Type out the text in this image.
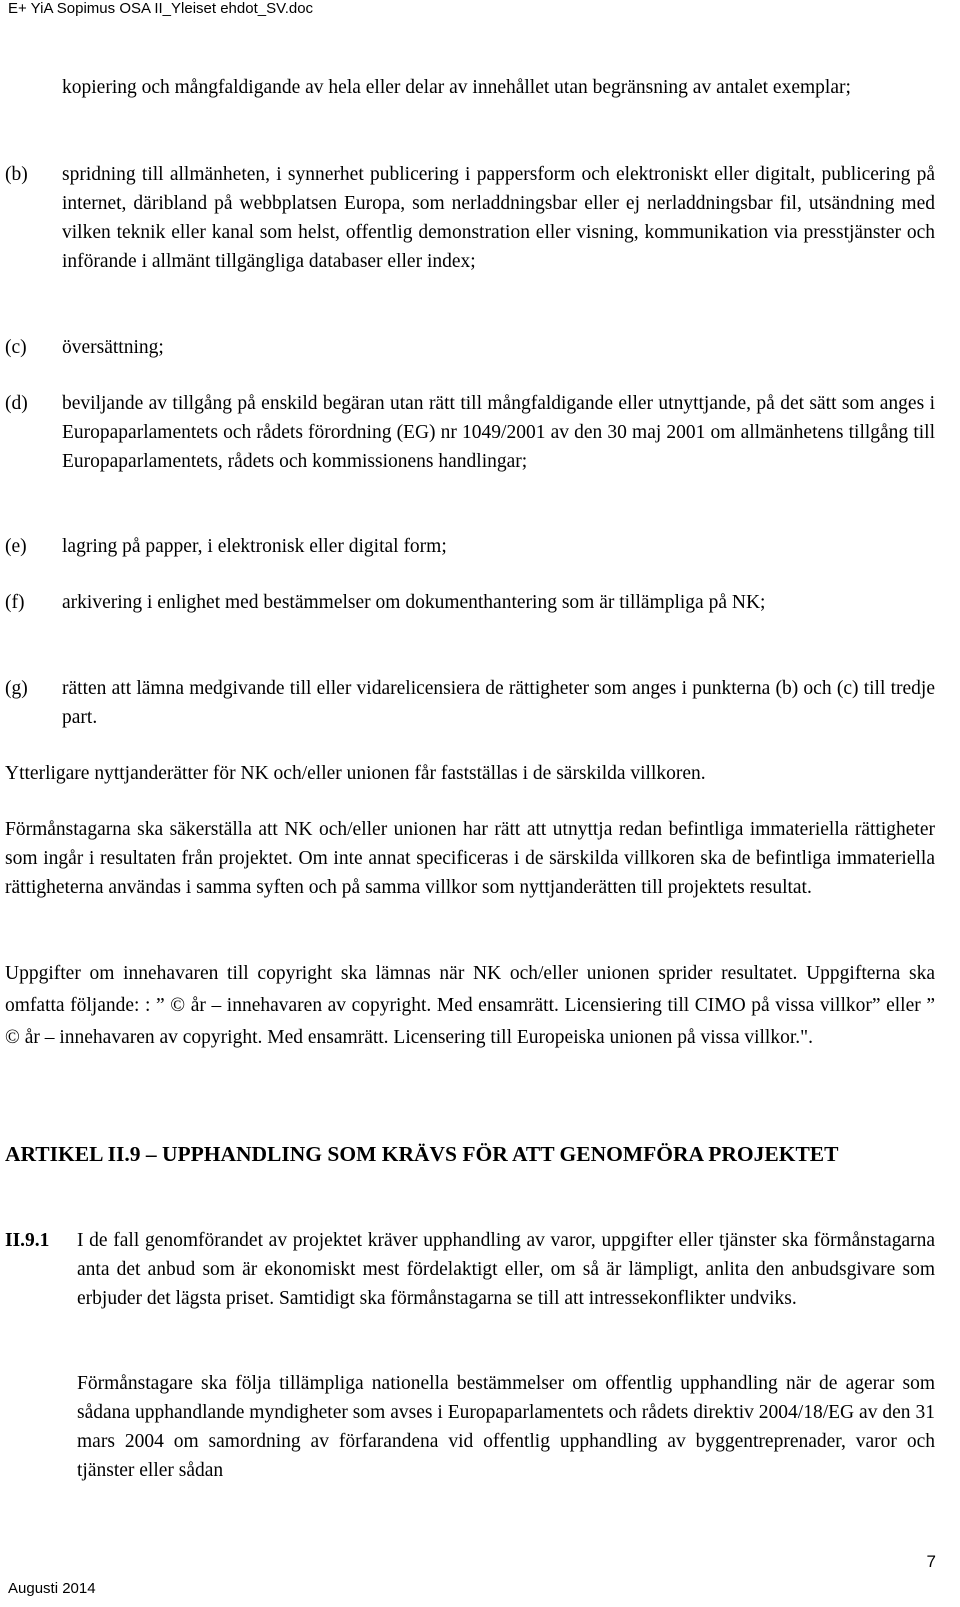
E+ YiA Sopimus OSA II_Yleiset ehdot_SV.doc
kopiering och mångfaldigande av hela eller delar av innehållet utan begränsning av antalet exemplar;
(b) spridning till allmänheten, i synnerhet publicering i pappersform och elektroniskt eller digitalt, publicering på internet, däribland på webbplatsen Europa, som nerladdningsbar eller ej nerladdningsbar fil, utsändning med vilken teknik eller kanal som helst, offentlig demonstration eller visning, kommunikation via presstjänster och införande i allmänt tillgängliga databaser eller index;
(c) översättning;
(d) beviljande av tillgång på enskild begäran utan rätt till mångfaldigande eller utnyttjande, på det sätt som anges i Europaparlamentets och rådets förordning (EG) nr 1049/2001 av den 30 maj 2001 om allmänhetens tillgång till Europaparlamentets, rådets och kommissionens handlingar;
(e) lagring på papper, i elektronisk eller digital form;
(f) arkivering i enlighet med bestämmelser om dokumenthantering som är tillämpliga på NK;
(g) rätten att lämna medgivande till eller vidarelicensiera de rättigheter som anges i punkterna (b) och (c) till tredje part.
Ytterligare nyttjanderätter för NK och/eller unionen får fastställas i de särskilda villkoren.
Förmånstagarna ska säkerställa att NK och/eller unionen har rätt att utnyttja redan befintliga immateriella rättigheter som ingår i resultaten från projektet. Om inte annat specificeras i de särskilda villkoren ska de befintliga immateriella rättigheterna användas i samma syften och på samma villkor som nyttjanderätten till projektets resultat.
Uppgifter om innehavaren till copyright ska lämnas när NK och/eller unionen sprider resultatet. Uppgifterna ska omfatta följande: : ” © år – innehavaren av copyright. Med ensamrätt. Licensiering till CIMO på vissa villkor” eller ” © år – innehavaren av copyright. Med ensamrätt. Licensering till Europeiska unionen på vissa villkor.".
ARTIKEL II.9 – UPPHANDLING SOM KRÄVS FÖR ATT GENOMFÖRA PROJEKTET
II.9.1 I de fall genomförandet av projektet kräver upphandling av varor, uppgifter eller tjänster ska förmånstagarna anta det anbud som är ekonomiskt mest fördelaktigt eller, om så är lämpligt, anlita den anbudsgivare som erbjuder det lägsta priset. Samtidigt ska förmånstagarna se till att intressekonflikter undviks.
Förmånstagare ska följa tillämpliga nationella bestämmelser om offentlig upphandling när de agerar som sådana upphandlande myndigheter som avses i Europaparlamentets och rådets direktiv 2004/18/EG av den 31 mars 2004 om samordning av förfarandena vid offentlig upphandling av byggentreprenader, varor och tjänster eller sådan
7
Augusti 2014
